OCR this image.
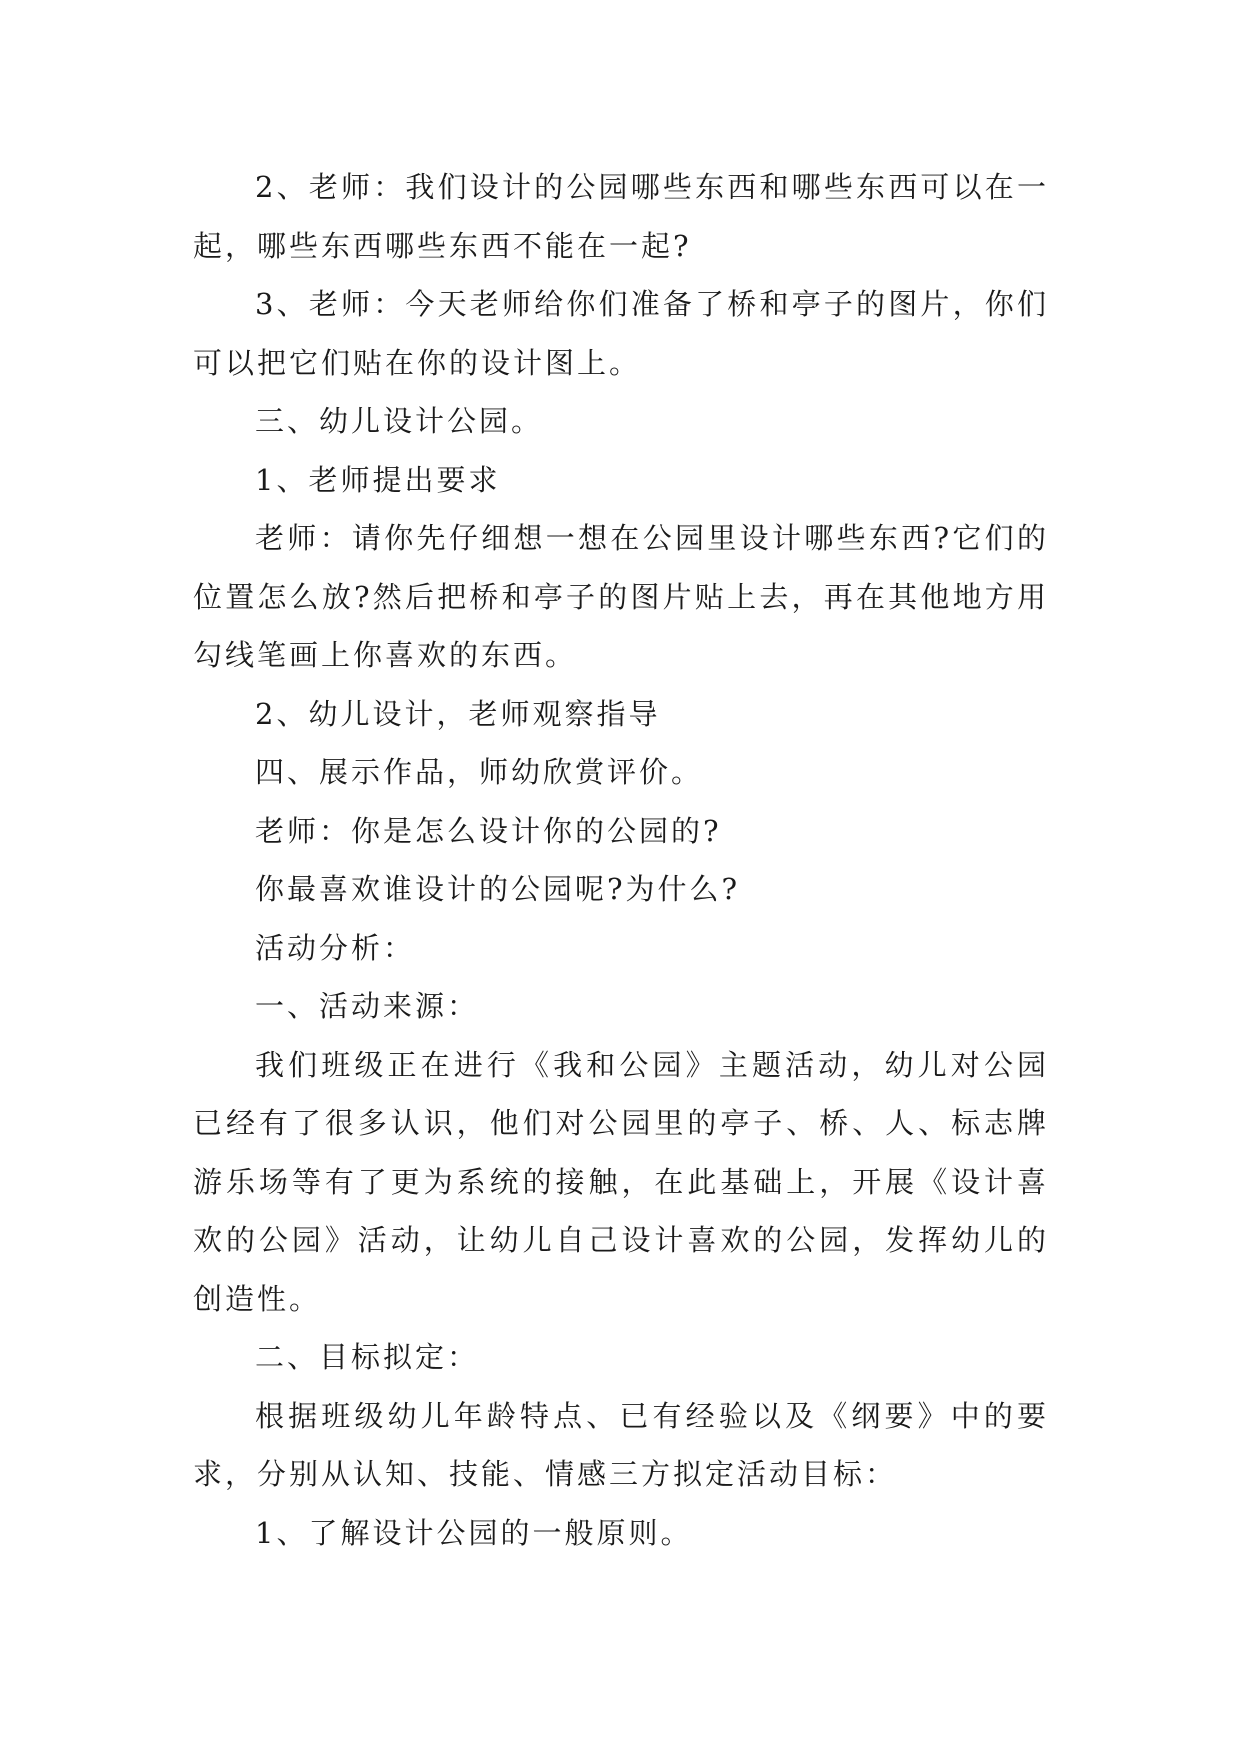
2、老师：我们设计的公园哪些东西和哪些东西可以在一起，哪些东西哪些东西不能在一起?

3、老师：今天老师给你们准备了桥和亭子的图片，你们可以把它们贴在你的设计图上。

三、幼儿设计公园。

1、老师提出要求

老师：请你先仔细想一想在公园里设计哪些东西?它们的位置怎么放?然后把桥和亭子的图片贴上去，再在其他地方用勾线笔画上你喜欢的东西。

2、幼儿设计，老师观察指导

四、展示作品，师幼欣赏评价。

老师：你是怎么设计你的公园的?

你最喜欢谁设计的公园呢?为什么?

活动分析：

一、活动来源：

我们班级正在进行《我和公园》主题活动，幼儿对公园已经有了很多认识，他们对公园里的亭子、桥、人、标志牌游乐场等有了更为系统的接触，在此基础上，开展《设计喜欢的公园》活动，让幼儿自己设计喜欢的公园，发挥幼儿的创造性。

二、目标拟定：

根据班级幼儿年龄特点、已有经验以及《纲要》中的要求，分别从认知、技能、情感三方拟定活动目标：

1、了解设计公园的一般原则。
